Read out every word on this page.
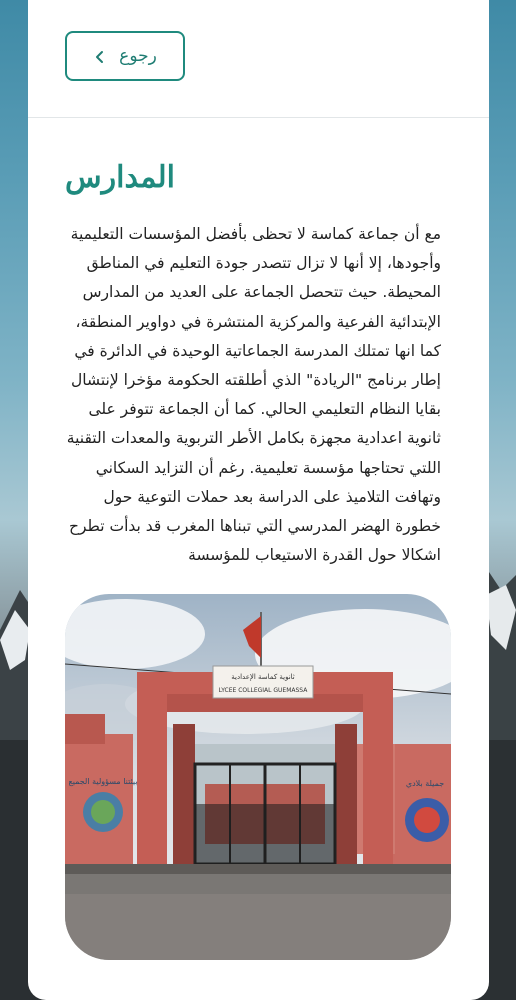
رجوع
المدارس

مع أن جماعة كماسة لا تحظى بأفضل المؤسسات التعليمية وأجودها، إلا أنها لا تزال تتصدر جودة التعليم في المناطق المحيطة. حيث تتحصل الجماعة على العديد من المدارس الإبتدائية الفرعية والمركزية المنتشرة في دواوير المنطقة، كما انها تمتلك المدرسة الجماعاتية الوحيدة في الدائرة في إطار برنامج "الريادة" الذي أطلقته الحكومة مؤخرا لإنتشال بقايا النظام التعليمي الحالي. كما أن الجماعة تتوفر على ثانوية اعدادية مجهزة بكامل الأطر التربوية والمعدات التقنية اللتي تحتاجها مؤسسة تعليمية. رغم أن التزايد السكاني وتهافت التلاميذ على الدراسة بعد حملات التوعية حول خطورة الهضر المدرسي التي تبناها المغرب قد بدأت تطرح اشكالا حول القدرة الاستيعاب للمؤسسة

ثانوية كماسة الإعدادية
LYCEE COLLEGIAL GUEMASSA
بيئتنا مسؤولية الجميع	جميلة بلادي
